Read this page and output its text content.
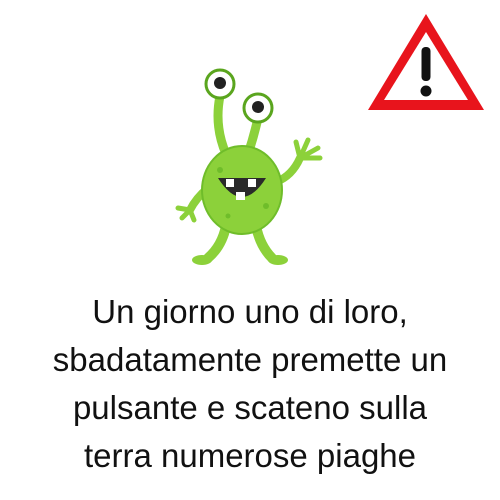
Un giorno uno di loro,
sbadatamente premette un
pulsante e scateno sulla
terra numerose piaghe
